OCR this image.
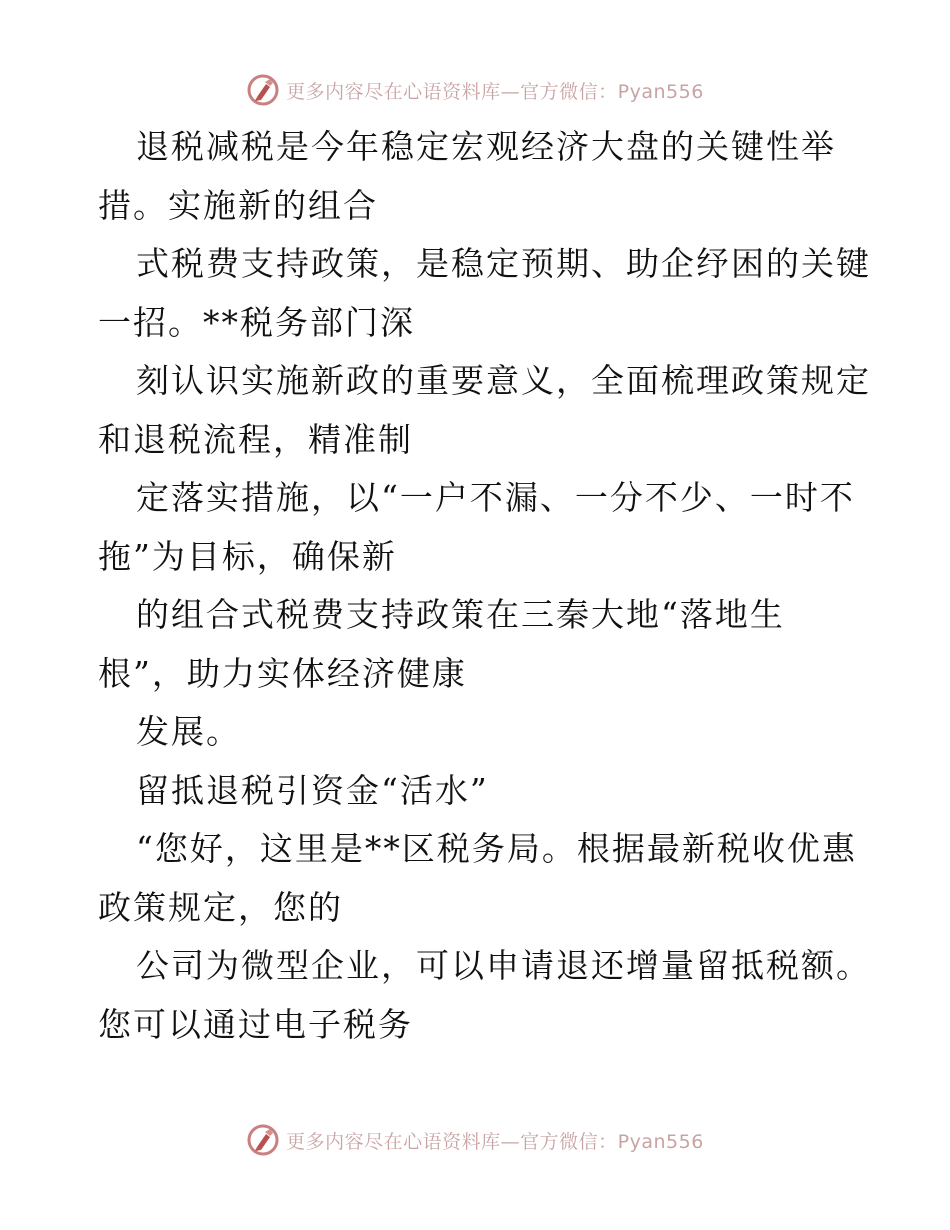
更多内容尽在心语资料库—官方微信：Pyan556
退税减税是今年稳定宏观经济大盘的关键性举
措。实施新的组合
式税费支持政策，是稳定预期、助企纾困的关键
一招。**税务部门深
刻认识实施新政的重要意义，全面梳理政策规定
和退税流程，精准制
定落实措施，以“一户不漏、一分不少、一时不
拖”为目标，确保新
的组合式税费支持政策在三秦大地“落地生
根”，助力实体经济健康
发展。
留抵退税引资金“活水”
“您好，这里是**区税务局。根据最新税收优惠
政策规定，您的
公司为微型企业，可以申请退还增量留抵税额。
您可以通过电子税务
更多内容尽在心语资料库—官方微信：Pyan556
